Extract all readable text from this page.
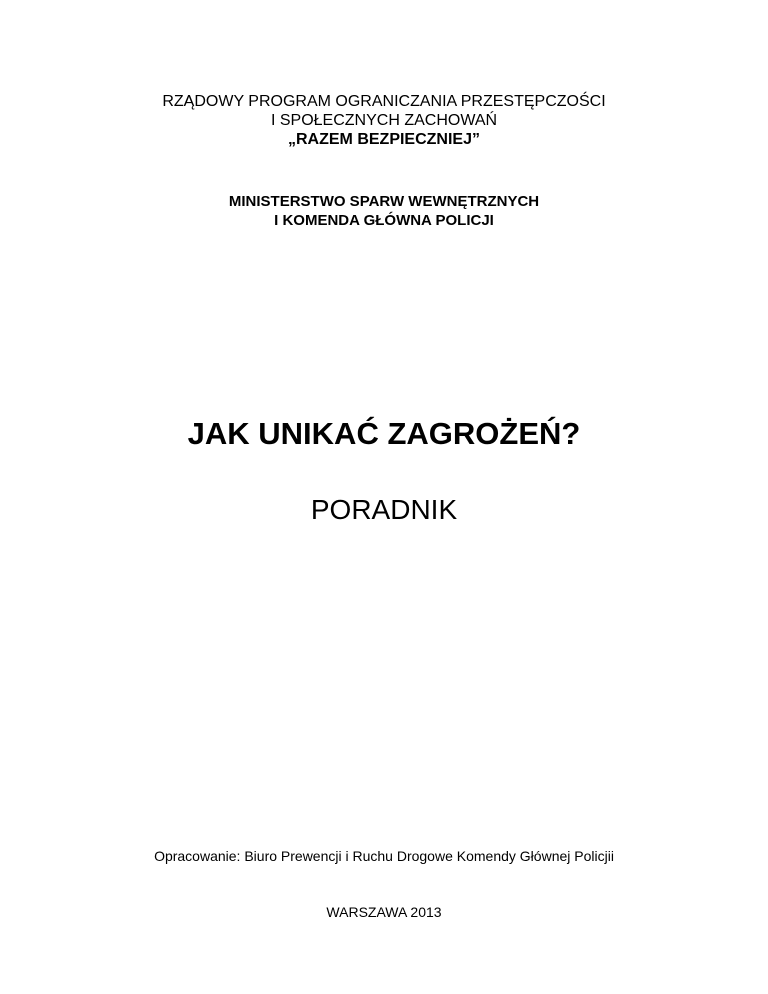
RZĄDOWY PROGRAM OGRANICZANIA PRZESTĘPCZOŚCI
I SPOŁECZNYCH ZACHOWAŃ
„RAZEM BEZPIECZNIEJ”
MINISTERSTWO SPARW WEWNĘTRZNYCH
I KOMENDA GŁÓWNA POLICJI
JAK UNIKAĆ ZAGROŻEŃ?
PORADNIK
Opracowanie: Biuro Prewencji i Ruchu Drogowe Komendy Głównej Policjii
WARSZAWA 2013
